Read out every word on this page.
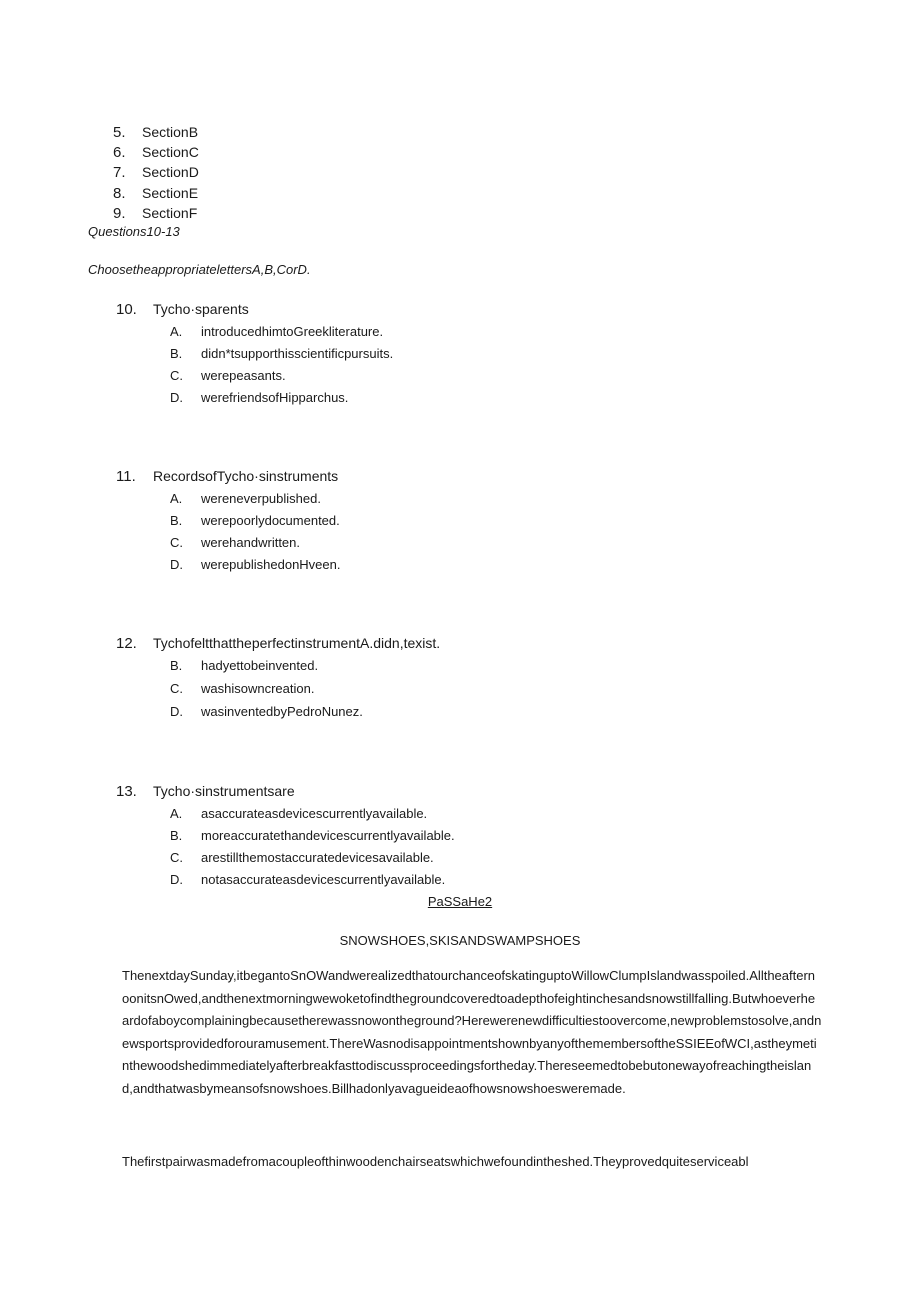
5. SectionB
6. SectionC
7. SectionD
8. SectionE
9. SectionF
Questions10-13
ChoosetheappropriatelettersA,B,CorD.
10. Tycho·sparents
A. introducedhimtoGreekliterature.
B. didn*tsupporthisscientificpursuits.
C. werepeasants.
D. werefriendsofHipparchus.
11. RecordsofTycho·sinstruments
A. wereneverpublished.
B. werepoorlydocumented.
C. werehandwritten.
D. werepublishedonHveen.
12. TychofeltthattheperfectinstrumentA.didn,texist.
B. hadyettobeinvented.
C. washisowncreation.
D. wasinventedbyPedroNunez.
13. Tycho·sinstrumentsare
A. asaccurateasdevicescurrentlyavailable.
B. moreaccuratethandevicescurrentlyavailable.
C. arestillthemostaccuratedevicesavailable.
D. notasaccurateasdevicescurrentlyavailable.
PaSSaHe2
SNOWSHOES,SKISANDSWAMPSHOES
ThenextdaySunday,itbegantoSnOWandwerealizedthatourchanceofskatinguptoWillowClumpIslandwasspoiled.AlltheafternoonitsnOwed,andthenextmorningwewoketofindthegroundcoveredtoadepthofeightinchesandsnowstillfalling.Butwhoeverheardofaboycomplainingbecausetherewassnowontheground?Herewerenewdifficultiestoovercome,newproblemstosolve,andnewsportsprovidedforouramusement.ThereWasnodisappointmentshownbyanyofthemembersoftheSSIEEofWCI,astheymetinthewoodshedimmediatelyafterbreakfasttodiscussproceedingsfortheday.Thereseemedtobebutonewayofreachingtheisland,andthatwasbymeansofsnowshoes.Billhadonlyavagueideaofhowsnowshoesweremade.
Thefirstpairwasmadefromacoupleofthinwoodenchairseatswhichwefoundintheshed.Theyprovedquiteserviceabl
